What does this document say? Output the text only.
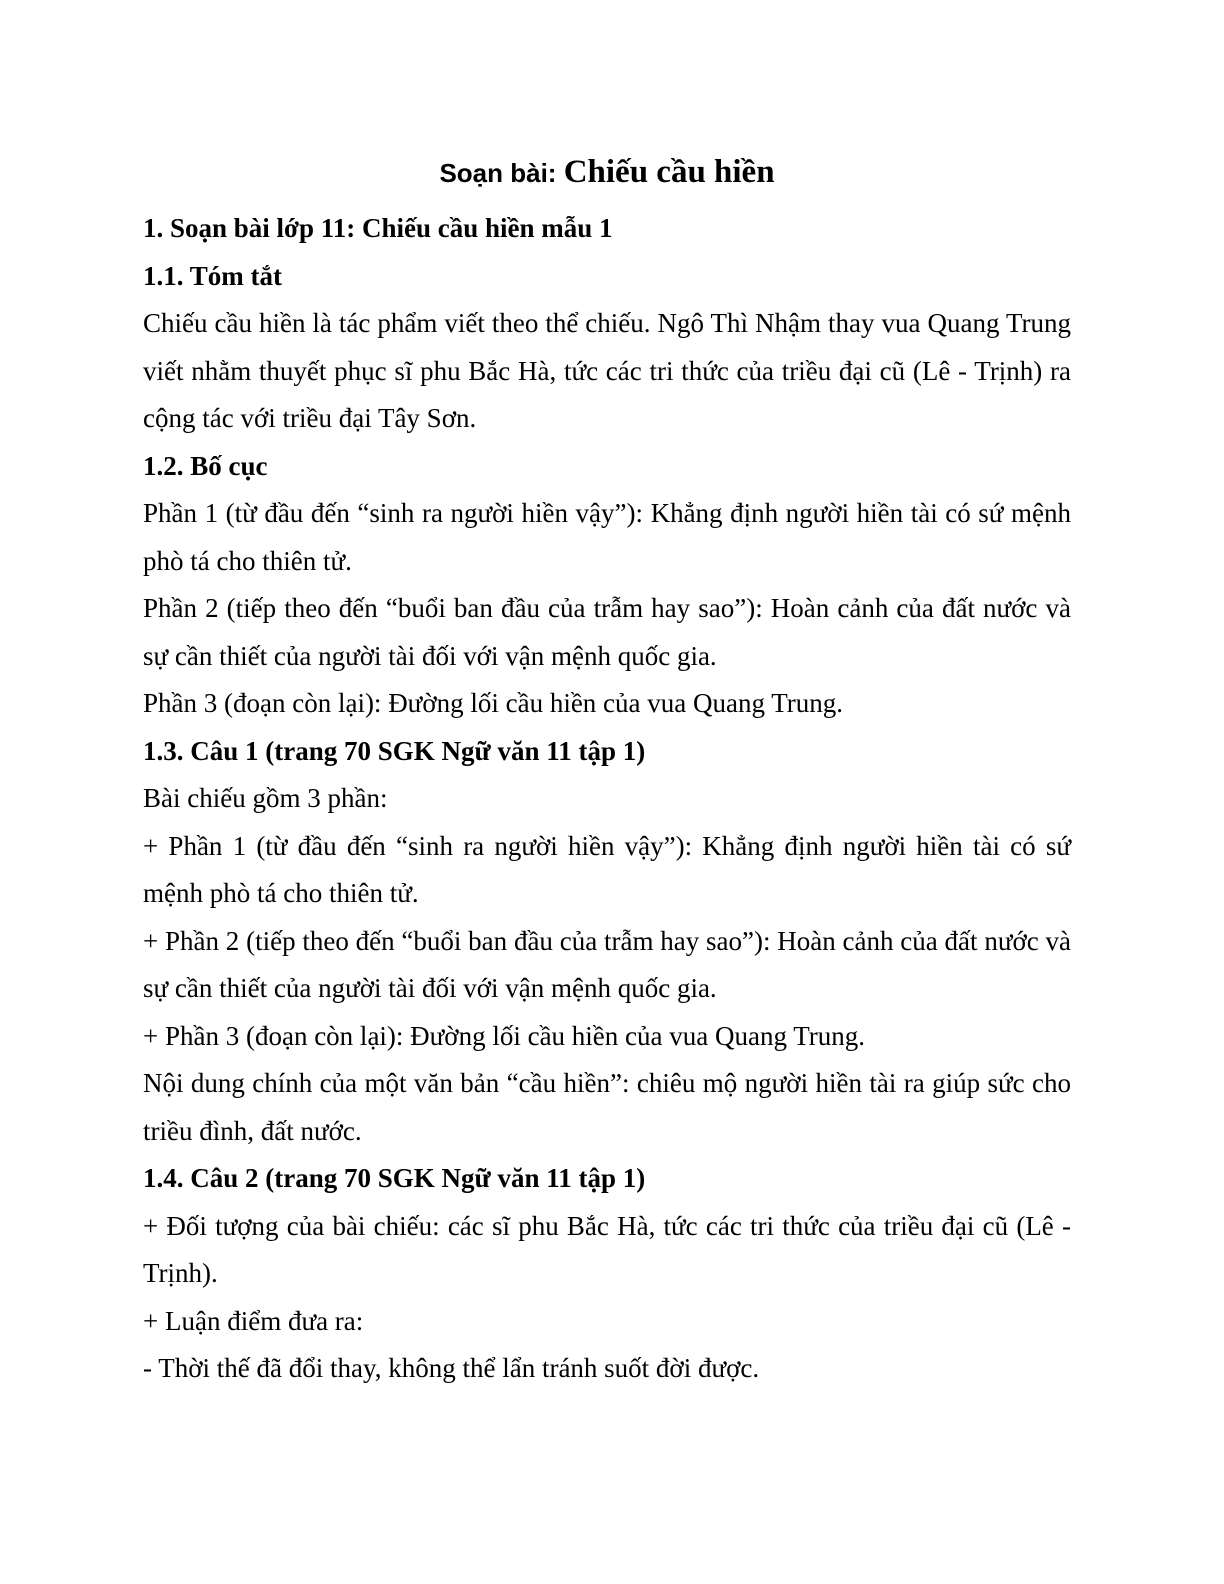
Soạn bài: Chiếu cầu hiền
1. Soạn bài lớp 11: Chiếu cầu hiền mẫu 1
1.1. Tóm tắt

Chiếu cầu hiền là tác phẩm viết theo thể chiếu. Ngô Thì Nhậm thay vua Quang Trung viết nhằm thuyết phục sĩ phu Bắc Hà, tức các tri thức của triều đại cũ (Lê - Trịnh) ra cộng tác với triều đại Tây Sơn.

1.2. Bố cục

Phần 1 (từ đầu đến “sinh ra người hiền vậy”): Khẳng định người hiền tài có sứ mệnh phò tá cho thiên tử.

Phần 2 (tiếp theo đến “buổi ban đầu của trẫm hay sao”): Hoàn cảnh của đất nước và sự cần thiết của người tài đối với vận mệnh quốc gia.

Phần 3 (đoạn còn lại): Đường lối cầu hiền của vua Quang Trung.

1.3. Câu 1 (trang 70 SGK Ngữ văn 11 tập 1)

Bài chiếu gồm 3 phần:

+ Phần 1 (từ đầu đến “sinh ra người hiền vậy”): Khẳng định người hiền tài có sứ mệnh phò tá cho thiên tử.

+ Phần 2 (tiếp theo đến “buổi ban đầu của trẫm hay sao”): Hoàn cảnh của đất nước và sự cần thiết của người tài đối với vận mệnh quốc gia.

+ Phần 3 (đoạn còn lại): Đường lối cầu hiền của vua Quang Trung.

Nội dung chính của một văn bản “cầu hiền”: chiêu mộ người hiền tài ra giúp sức cho triều đình, đất nước.

1.4. Câu 2 (trang 70 SGK Ngữ văn 11 tập 1)

+ Đối tượng của bài chiếu: các sĩ phu Bắc Hà, tức các tri thức của triều đại cũ (Lê - Trịnh).

+ Luận điểm đưa ra:

- Thời thế đã đổi thay, không thể lẩn tránh suốt đời được.
